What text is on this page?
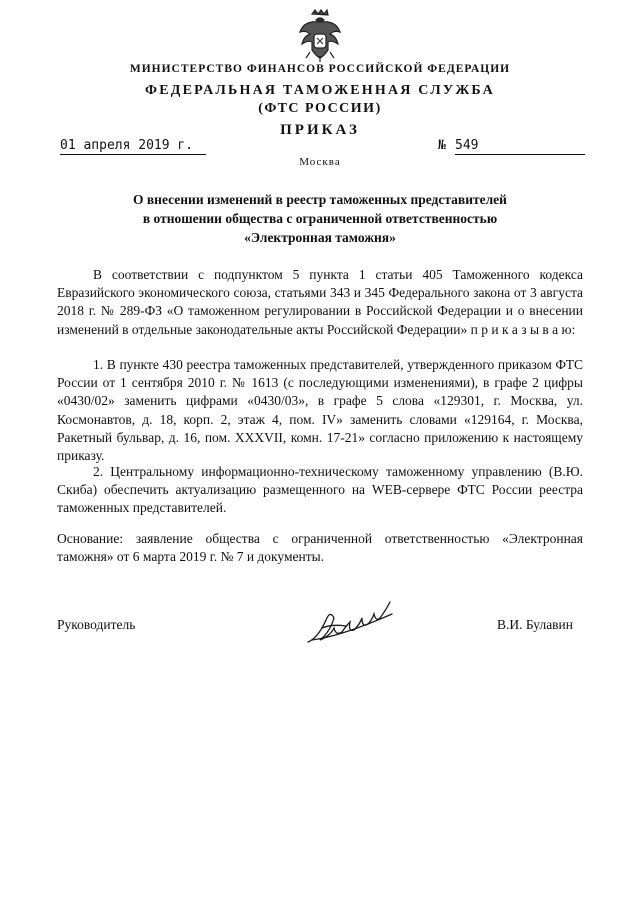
МИНИСТЕРСТВО ФИНАНСОВ РОССИЙСКОЙ ФЕДЕРАЦИИ
ФЕДЕРАЛЬНАЯ ТАМОЖЕННАЯ СЛУЖБА
(ФТС РОССИИ)
ПРИКАЗ
01 апреля 2019 г.	№ 549
Москва
О внесении изменений в реестр таможенных представителей
в отношении общества с ограниченной ответственностью
«Электронная таможня»
В соответствии с подпунктом 5 пункта 1 статьи 405 Таможенного кодекса Евразийского экономического союза, статьями 343 и 345 Федерального закона от 3 августа 2018 г. № 289-ФЗ «О таможенном регулировании в Российской Федерации и о внесении изменений в отдельные законодательные акты Российской Федерации» п р и к а з ы в а ю:
1. В пункте 430 реестра таможенных представителей, утвержденного приказом ФТС России от 1 сентября 2010 г. № 1613 (с последующими изменениями), в графе 2 цифры «0430/02» заменить цифрами «0430/03», в графе 5 слова «129301, г. Москва, ул. Космонавтов, д. 18, корп. 2, этаж 4, пом. IV» заменить словами «129164, г. Москва, Ракетный бульвар, д. 16, пом. XXXVII, комн. 17-21» согласно приложению к настоящему приказу.
2. Центральному информационно-техническому таможенному управлению (В.Ю. Скиба) обеспечить актуализацию размещенного на WEB-сервере ФТС России реестра таможенных представителей.
Основание: заявление общества с ограниченной ответственностью «Электронная таможня» от 6 марта 2019 г. № 7 и документы.
Руководитель	В.И. Булавин
